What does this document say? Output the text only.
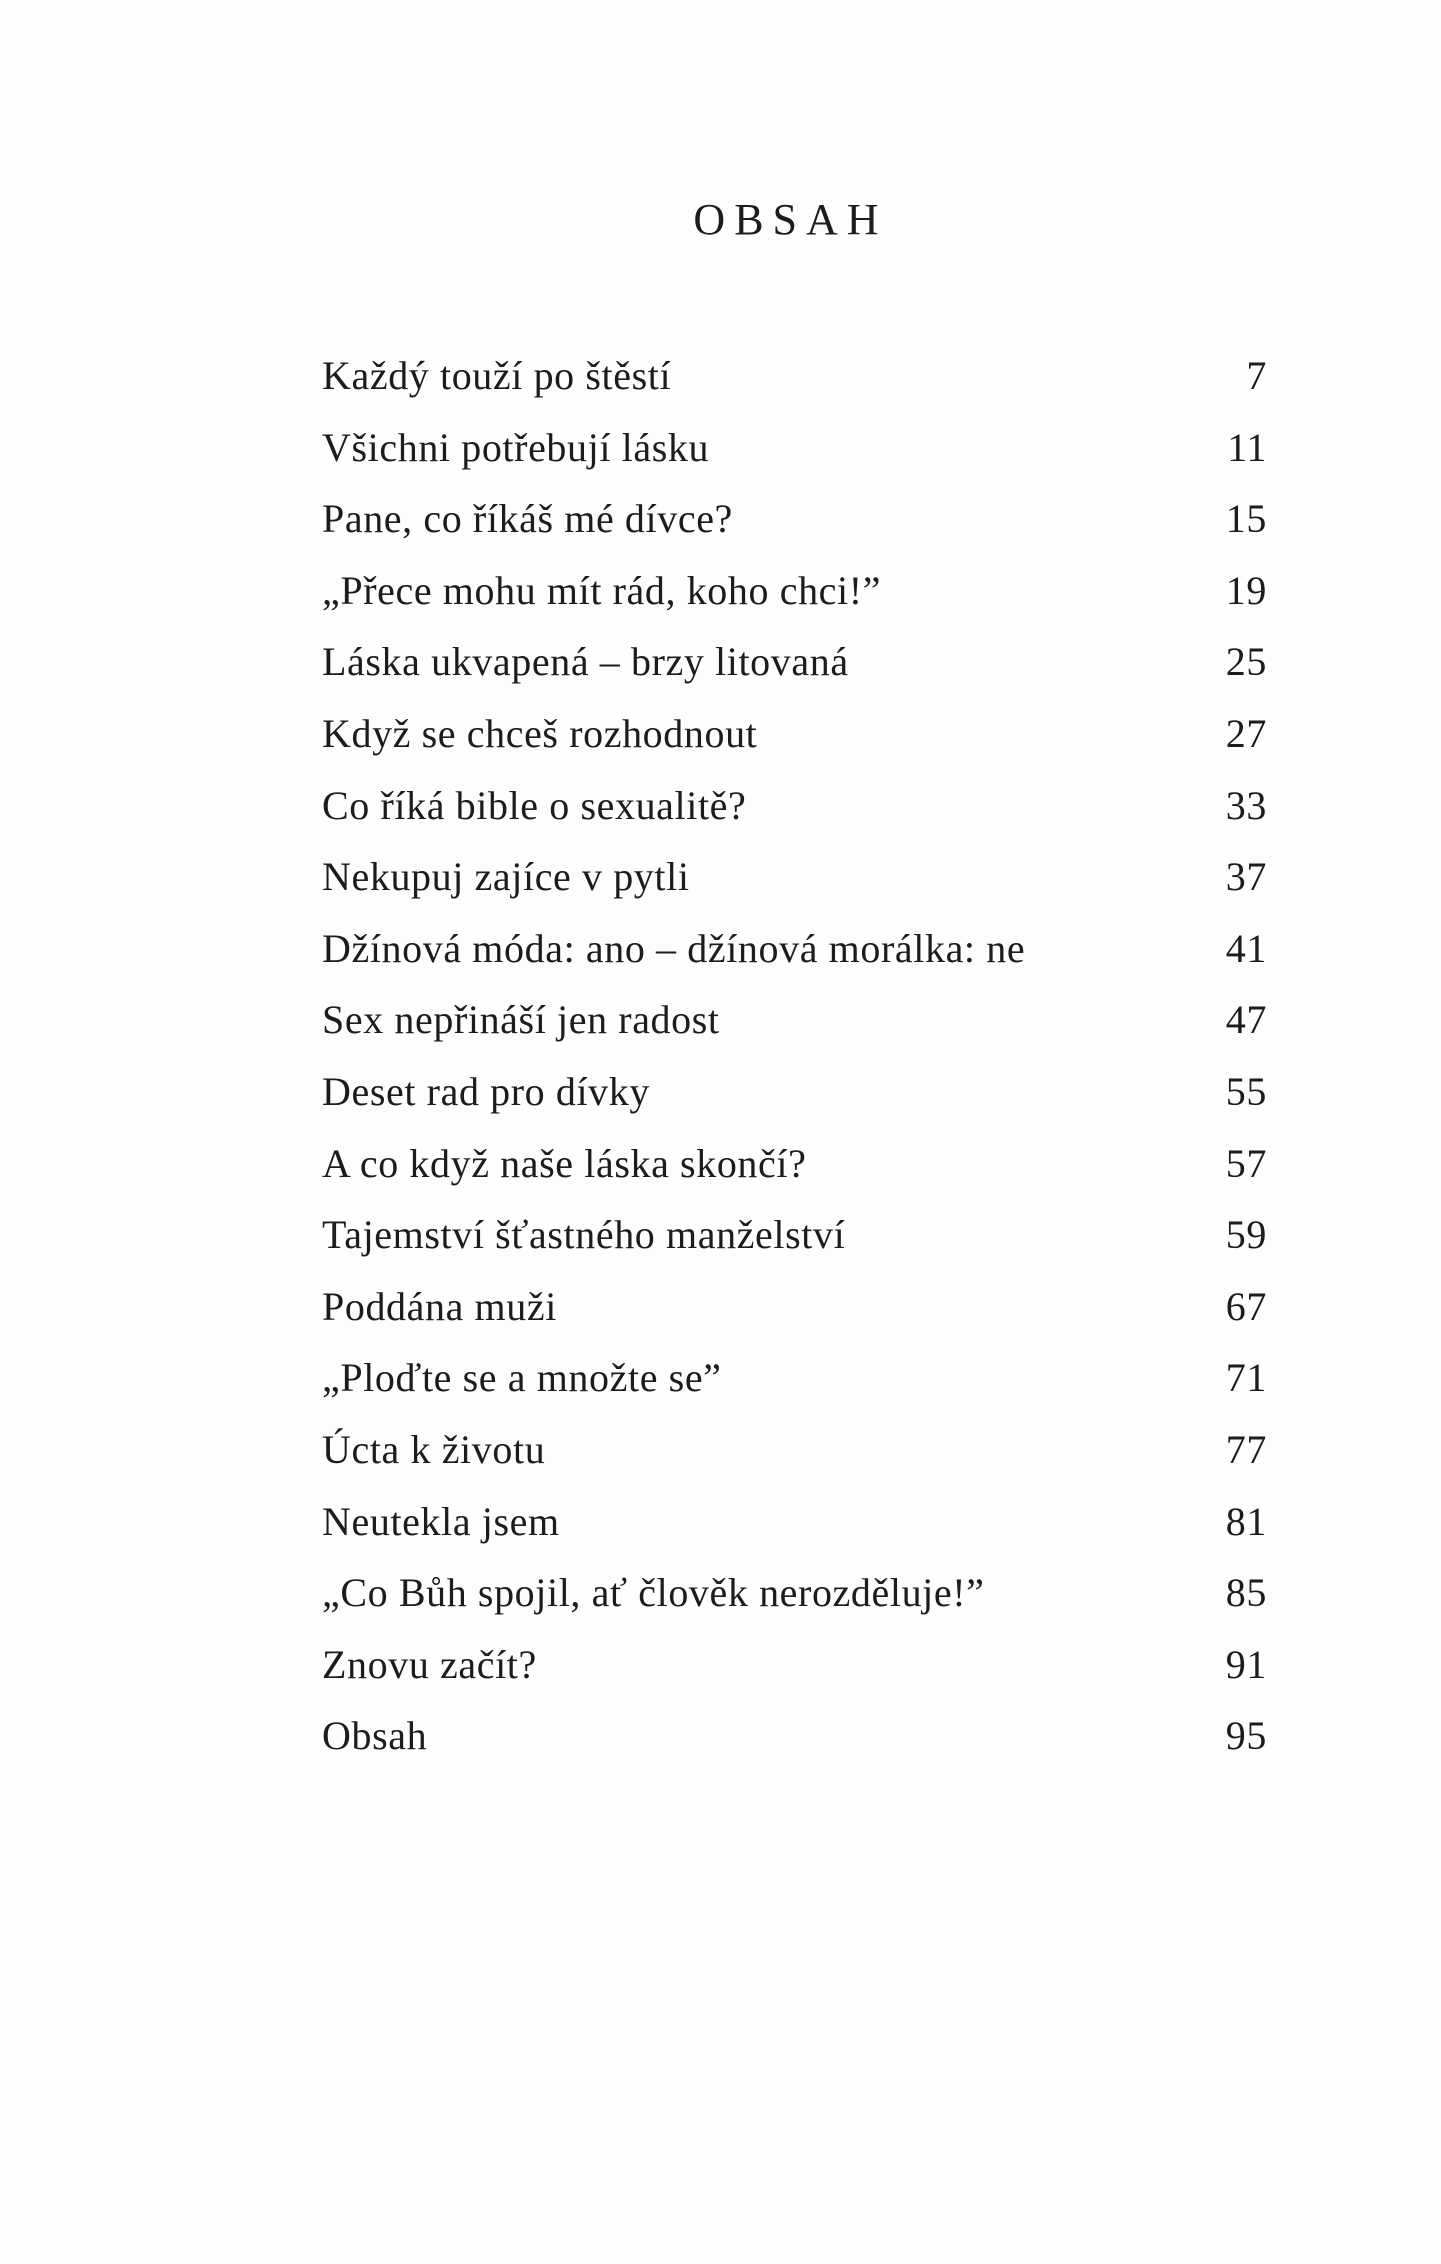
OBSAH
Každý touží po štěstí	7
Všichni potřebují lásku	11
Pane, co říkáš mé dívce?	15
„Přece mohu mít rád, koho chci!”	19
Láska ukvapená – brzy litovaná	25
Když se chceš rozhodnout	27
Co říká bible o sexualitě?	33
Nekupuj zajíce v pytli	37
Džínová móda: ano – džínová morálka: ne	41
Sex nepřináší jen radost	47
Deset rad pro dívky	55
A co když naše láska skončí?	57
Tajemství šťastného manželství	59
Poddána muži	67
„Ploďte se a množte se”	71
Úcta k životu	77
Neutekla jsem	81
„Co Bůh spojil, ať člověk nerozděluje!”	85
Znovu začít?	91
Obsah	95
